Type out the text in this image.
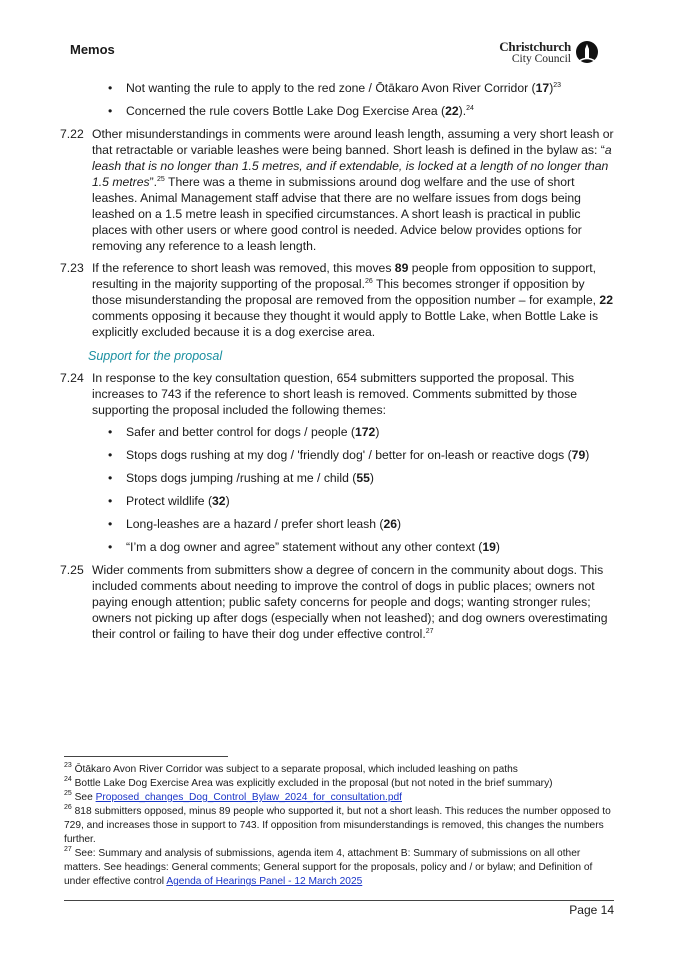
Memos	Christchurch
City Council
•	Not wanting the rule to apply to the red zone / Ōtākaro Avon River Corridor $(17)^{23}$
•	Concerned the rule covers Bottle Lake Dog Exercise Area (22).$^{24}$
7.22 Other misunderstandings in comments were around leash length, assuming a very short leash or that retractable or variable leashes were being banned. Short leash is defined in the bylaw as: “a leash that is no longer than 1.5 metres, and if extendable, is locked at a length of no longer than 1.5 metres”.$^{25}$ There was a theme in submissions around dog welfare and the use of short leashes. Animal Management staff advise that there are no welfare issues from dogs being leashed on a 1.5 metre leash in specified circumstances. A short leash is practical in public places with other users or where good control is needed. Advice below provides options for removing any reference to a leash length.
7.23 If the reference to short leash was removed, this moves 89 people from opposition to support, resulting in the majority supporting of the proposal.$^{26}$ This becomes stronger if opposition by those misunderstanding the proposal are removed from the opposition number – for example, 22 comments opposing it because they thought it would apply to Bottle Lake, when Bottle Lake is explicitly excluded because it is a dog exercise area.
Support for the proposal
7.24 In response to the key consultation question, 654 submitters supported the proposal. This increases to 743 if the reference to short leash is removed. Comments submitted by those supporting the proposal included the following themes:
•	Safer and better control for dogs / people (172)
•	Stops dogs rushing at my dog / 'friendly dog' / better for on-leash or reactive dogs (79)
•	Stops dogs jumping /rushing at me / child (55)
•	Protect wildlife (32)
•	Long-leashes are a hazard / prefer short leash (26)
•	“I’m a dog owner and agree” statement without any other context (19)
7.25 Wider comments from submitters show a degree of concern in the community about dogs. This included comments about needing to improve the control of dogs in public places; owners not paying enough attention; public safety concerns for people and dogs; wanting stronger rules; owners not picking up after dogs (especially when not leashed); and dog owners overestimating their control or failing to have their dog under effective control.$^{27}$
$^{23}$ Ōtākaro Avon River Corridor was subject to a separate proposal, which included leashing on paths
$^{24}$ Bottle Lake Dog Exercise Area was explicitly excluded in the proposal (but not noted in the brief summary)
$^{25}$ See Proposed_changes_Dog_Control_Bylaw_2024_for_consultation.pdf
$^{26}$ 818 submitters opposed, minus 89 people who supported it, but not a short leash. This reduces the number opposed to 729, and increases those in support to 743. If opposition from misunderstandings is removed, this changes the numbers further.
$^{27}$ See: Summary and analysis of submissions, agenda item 4, attachment B: Summary of submissions on all other matters. See headings: General comments; General support for the proposals, policy and / or bylaw; and Definition of under effective control Agenda of Hearings Panel - 12 March 2025
Page 14
